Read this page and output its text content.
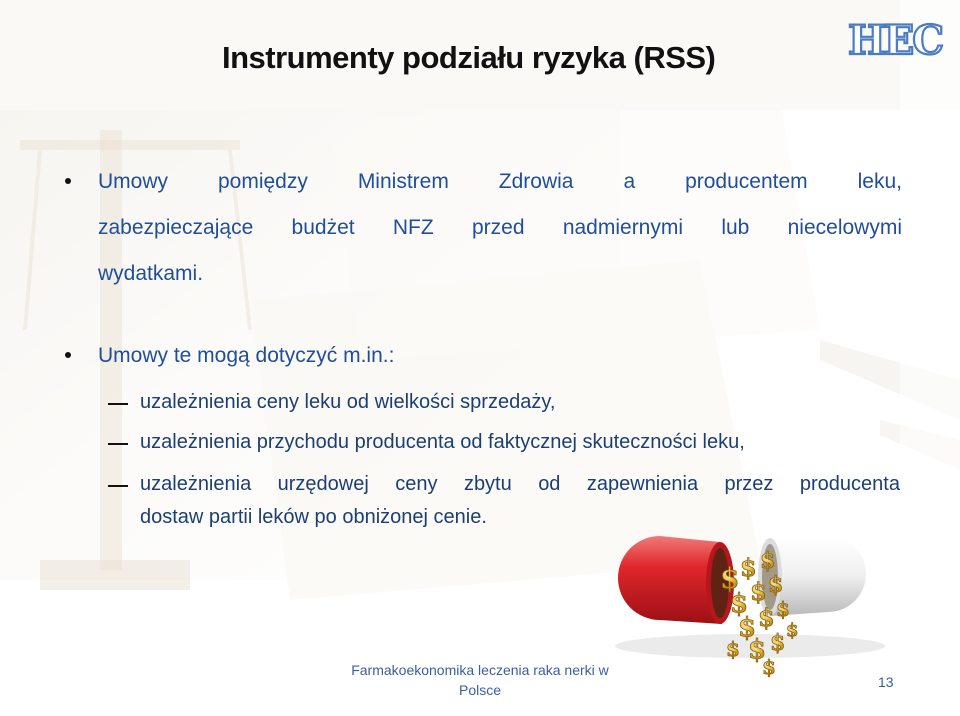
Instrumenty podziału ryzyka (RSS)	HEC
Umowy pomiędzy Ministrem Zdrowia a producentem leku,
zabezpieczające budżet NFZ przed nadmiernymi lub niecelowymi
wydatkami.
Umowy te mogą dotyczyć m.in.:
uzależnienia ceny leku od wielkości sprzedaży,
uzależnienia przychodu producenta od faktycznej skuteczności leku,
uzależnienia urzędowej ceny zbytu od zapewnienia przez producenta
dostaw partii leków po obniżonej cenie.
$ $ $
$ $ $
$ $ $
$ $
$
$
$
Farmakoekonomika leczenia raka nerki w
Polsce	13
